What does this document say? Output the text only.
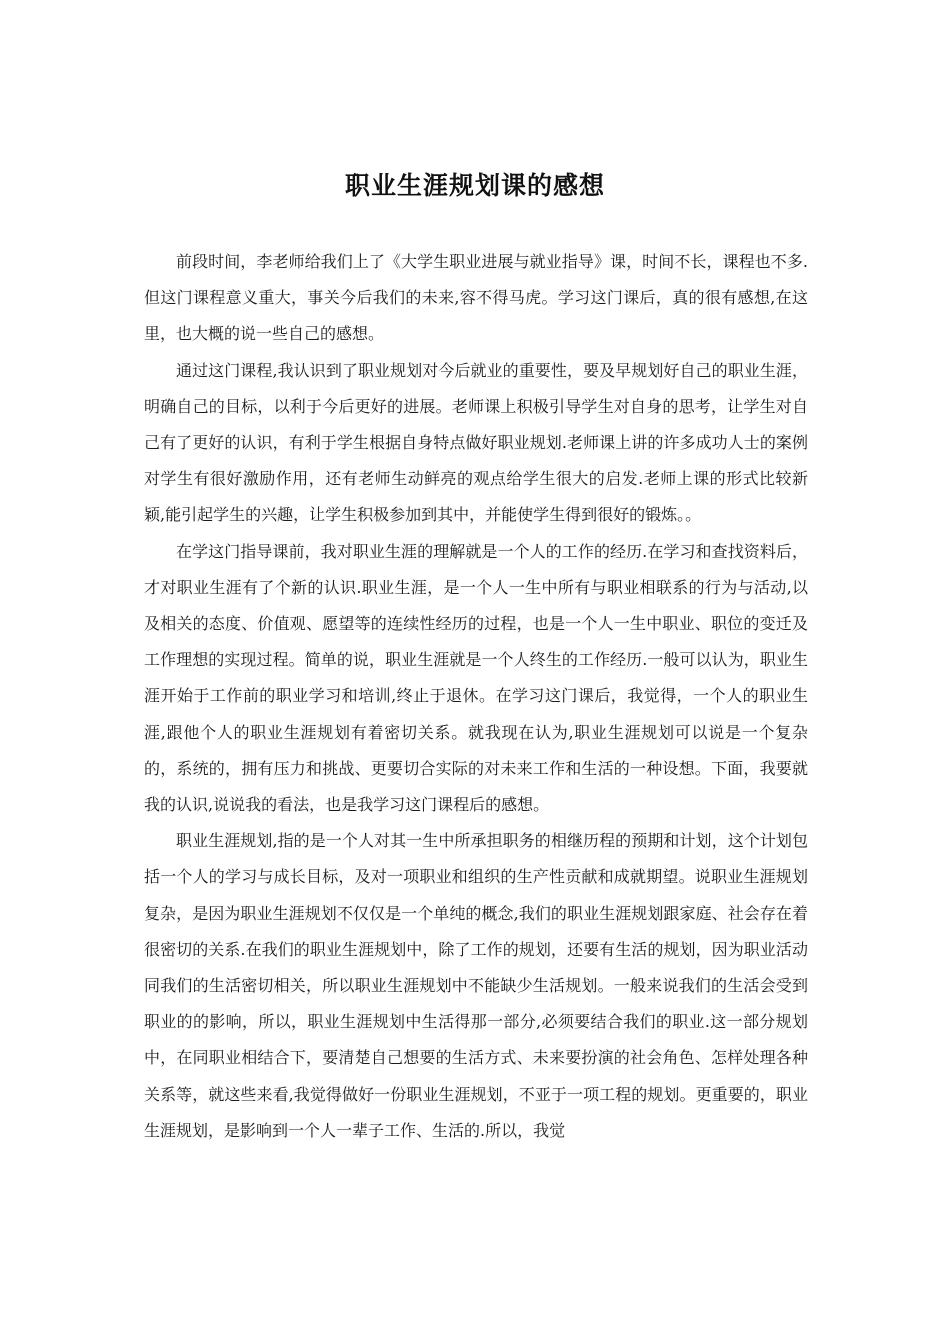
职业生涯规划课的感想

前段时间，李老师给我们上了《大学生职业进展与就业指导》课，时间不长，课程也不多.但这门课程意义重大，事关今后我们的未来,容不得马虎。学习这门课后，真的很有感想,在这里，也大概的说一些自己的感想。

通过这门课程,我认识到了职业规划对今后就业的重要性，要及早规划好自己的职业生涯，明确自己的目标，以利于今后更好的进展。老师课上积极引导学生对自身的思考，让学生对自己有了更好的认识，有利于学生根据自身特点做好职业规划.老师课上讲的许多成功人士的案例对学生有很好激励作用，还有老师生动鲜亮的观点给学生很大的启发.老师上课的形式比较新颖,能引起学生的兴趣，让学生积极参加到其中，并能使学生得到很好的锻炼。。

在学这门指导课前，我对职业生涯的理解就是一个人的工作的经历.在学习和查找资料后，才对职业生涯有了个新的认识.职业生涯，是一个人一生中所有与职业相联系的行为与活动,以及相关的态度、价值观、愿望等的连续性经历的过程，也是一个人一生中职业、职位的变迁及工作理想的实现过程。简单的说，职业生涯就是一个人终生的工作经历.一般可以认为，职业生涯开始于工作前的职业学习和培训,终止于退休。在学习这门课后，我觉得，一个人的职业生涯,跟他个人的职业生涯规划有着密切关系。就我现在认为,职业生涯规划可以说是一个复杂的，系统的，拥有压力和挑战、更要切合实际的对未来工作和生活的一种设想。下面，我要就我的认识,说说我的看法，也是我学习这门课程后的感想。

职业生涯规划,指的是一个人对其一生中所承担职务的相继历程的预期和计划，这个计划包括一个人的学习与成长目标，及对一项职业和组织的生产性贡献和成就期望。说职业生涯规划复杂，是因为职业生涯规划不仅仅是一个单纯的概念,我们的职业生涯规划跟家庭、社会存在着很密切的关系.在我们的职业生涯规划中，除了工作的规划，还要有生活的规划，因为职业活动同我们的生活密切相关，所以职业生涯规划中不能缺少生活规划。一般来说我们的生活会受到职业的的影响，所以，职业生涯规划中生活得那一部分,必须要结合我们的职业.这一部分规划中，在同职业相结合下，要清楚自己想要的生活方式、未来要扮演的社会角色、怎样处理各种关系等，就这些来看,我觉得做好一份职业生涯规划，不亚于一项工程的规划。更重要的，职业生涯规划，是影响到一个人一辈子工作、生活的.所以，我觉
